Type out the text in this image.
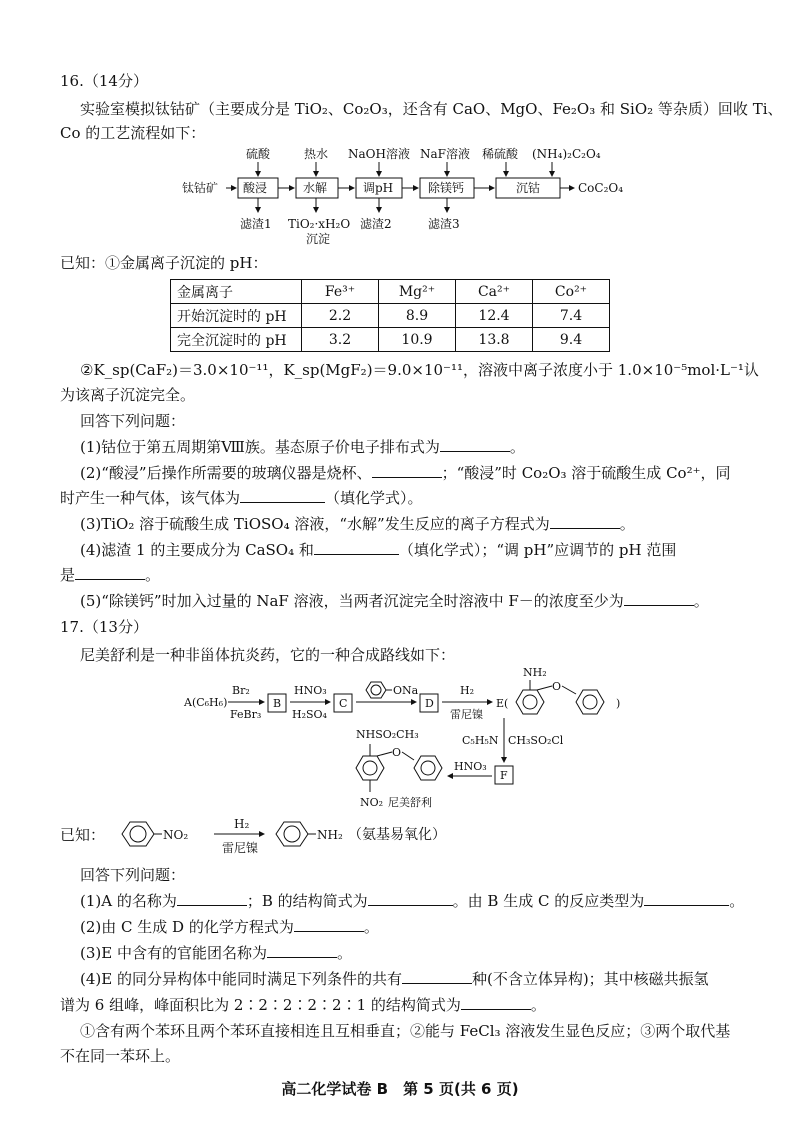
16.（14分）
实验室模拟钛钴矿（主要成分是 TiO₂、Co₂O₃，还含有 CaO、MgO、Fe₂O₃ 和 SiO₂ 等杂质）回收 Ti、
Co 的工艺流程如下：
钛钴矿 酸浸	水解	调pH	除镁钙	沉钴	CoC₂O₄
硫酸	热水 NaOH溶液 NaF溶液 稀硫酸 (NH₄)₂C₂O₄
滤渣1 TiO₂·xH₂O
沉淀
滤渣2	滤渣3
已知：①金属离子沉淀的 pH：
金属离子	Fe³⁺	Mg²⁺	Ca²⁺	Co²⁺
开始沉淀时的 pH	2.2	8.9	12.4	7.4
完全沉淀时的 pH	3.2	10.9	13.8	9.4
②K_sp(CaF₂)＝3.0×10⁻¹¹，K_sp(MgF₂)＝9.0×10⁻¹¹，溶液中离子浓度小于 1.0×10⁻⁵mol·L⁻¹认
为该离子沉淀完全。
回答下列问题：
(1)钴位于第五周期第Ⅷ族。基态原子价电子排布式为	。
(2)“酸浸”后操作所需要的玻璃仪器是烧杯、	；“酸浸”时 Co₂O₃ 溶于硫酸生成 Co²⁺，同
时产生一种气体，该气体为	（填化学式）。
(3)TiO₂ 溶于硫酸生成 TiOSO₄ 溶液，“水解”发生反应的离子方程式为	。
(4)滤渣 1 的主要成分为 CaSO₄ 和	（填化学式）；“调 pH”应调节的 pH 范围
是	。
(5)“除镁钙”时加入过量的 NaF 溶液，当两者沉淀完全时溶液中 F－的浓度至少为	。
17.（13分）
尼美舒利是一种非甾体抗炎药，它的一种合成路线如下：
A(C₆H₆)
Br₂
FeBr₃
B
HNO₃
H₂SO₄
C
ONa
D
H₂
雷尼镍
E(
NH₂
O
)
C₅H₅N CH₃SO₂Cl
F
HNO₃
NHSO₂CH₃
O
NO₂ 尼美舒利
已知：	NO₂
H₂
雷尼镍
NH₂ （氨基易氧化）
回答下列问题：
(1)A 的名称为	；B 的结构简式为	。由 B 生成 C 的反应类型为	。
(2)由 C 生成 D 的化学方程式为	。
(3)E 中含有的官能团名称为	。
(4)E 的同分异构体中能同时满足下列条件的共有	种(不含立体异构)；其中核磁共振氢
谱为 6 组峰，峰面积比为 2∶2∶2∶2∶2∶1 的结构简式为	。
①含有两个苯环且两个苯环直接相连且互相垂直；②能与 FeCl₃ 溶液发生显色反应；③两个取代基
不在同一苯环上。
高二化学试卷 B　第 5 页(共 6 页)
